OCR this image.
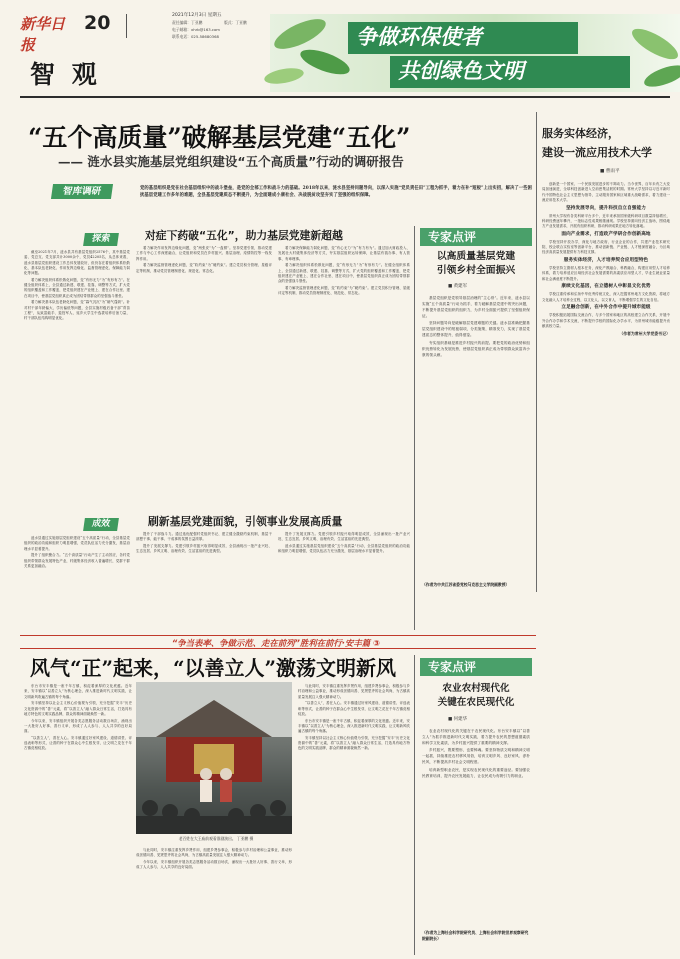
新华日报
20	2021年12月3日 星期五
责任编辑：丁亚鹏	版式：丁亚鹏
电子邮箱：xhrb@163.com
联系电话：025-58680368
智 观
争做环保使者
共创绿色文明
“五个高质量”破解基层党建“五化”
—— 涟水县实施基层党组织建设“五个高质量”行动的调研报告
智库调研	党的基层组织是党在社会基层组织中的战斗堡垒，是党的全部工作和战斗力的基础。2018年以来，涟水县坚持问题导向，以深入实施“党员责任田”工程为抓手，着力在补“短板”上出实招，解决了一些困扰基层党建工作多年的难题，全县基层党建质态不断提升，为全面建成小康社会、决战脱贫攻坚夯实了坚强的组织保障。
探索	对症下药破“五化”，助力基层党建新超越

截至2021年7月，涟水县共有基层党组织2576个，其中基层党委、党总支、党支部共计3000余个，党员42205名，从总体来看，涟水县基层党组织建设工作总体发展较好，但仍存在着组织体系松散化、基本队伍老龄化、作用发挥边缘化、监督管理虚化、保障能力弱化等问题。

着力解决组织体系松散化问题，变“有形无力”为“有形有力”。在健全组织体系上，全县通过新建、联建、挂靠、调整等方式，扩大党的组织覆盖和工作覆盖，把党组织建在产业链上、建在合作社里、建在项目中，使基层党组织真正成为团结带领群众的坚强战斗堡垒。

着力解决基本队伍老龄化问题，变“暮气沉沉”为“朝气蓬勃”。针对村干部年龄偏大、学历偏低等问题，全县实施村级后备干部“青苗工程”，从致富能手、退役军人、返乡大学生中选拔培养后备力量，村干部队伍结构明显优化。

着力解决作用发挥边缘化问题，变“两张皮”为“一盘棋”。坚持党建引领，推动党建工作与中心工作深度融合，让党组织和党员在乡村振兴、基层治理、疫情防控等一线发挥作用。

着力解决监督管理虚化问题，变“软约束”为“硬约束”。建立党员积分管理、星级评定等机制，推动党员管理制度化、规范化、常态化。

着力解决保障能力弱化问题，变“有心无力”为“有力有为”。通过加大财政投入、发展壮大村级集体经济等方式，夯实基层组织运转保障，让基层有钱办事、有人管事、有章理事。

着力解决组织体系松散化问题，变“有形无力”为“有形有力”。在健全组织体系上，全县通过新建、联建、挂靠、调整等方式，扩大党的组织覆盖和工作覆盖，把党组织建在产业链上、建在合作社里、建在项目中，使基层党组织真正成为团结带领群众的坚强战斗堡垒。

着力解决监督管理虚化问题，变“软约束”为“硬约束”。建立党员积分管理、星级评定等机制，推动党员管理制度化、规范化、常态化。

成效	刷新基层党建面貌，引领事业发展高质量

涟水县通过实施基层党组织建设“五个高质量”行动，全县基层党组织的政治功能和组织力明显增强，党员队伍活力充分激发，基层治理水平显著提升。

提升了组织聚合力。“五个高质量”行动产生了主动效应，各村党组织带领群众发展特色产业，村级集体经济收入普遍增长，党群干群关系更加融洽。

提升了干部战斗力。通过选优配强村党组织书记、建立健全激励约束机制，基层干部想干事、能干事、干成事的氛围日益浓厚。

提升了发展支撑力。党建引领乡村振兴取得明显成效，全县涌现出一批产业兴旺、生态宜居、乡风文明、治理有效、生活富裕的先进典型。

提升了发展支撑力。党建引领乡村振兴取得明显成效，全县涌现出一批产业兴旺、生态宜居、乡风文明、治理有效、生活富裕的先进典型。

涟水县通过实施基层党组织建设“五个高质量”行动，全县基层党组织的政治功能和组织力明显增强，党员队伍活力充分激发，基层治理水平显著提升。

专家点评
以高质量基层党建
引领乡村全面振兴
■ 黄建军

基层党组织是党领导基层治理的“主心骨”。近年来，涟水县以实施“五个高质量”行动为抓手，着力破解基层党建中的突出问题，不断提升基层党组织的组织力，为乡村全面振兴提供了坚强组织保证。

坚持问题导向是破解基层党建难题的关键。涟水县准确把握基层党组织建设中的短板弱项，分类施策，精准发力，实现了基层党建质态的整体提升，值得借鉴。

夯实组织基础是推进乡村振兴的前提。要把党的政治优势和组织优势转化为发展优势，使基层党组织真正成为带领群众致富奔小康的领头雁。

（作者为中共江苏省委党校马克思主义学院副教授）
服务实体经济，
建设一流应用技术大学
■ 曹雨平

创新是一个国家、一个民族发展进步的不竭动力。当今世界，百年未有之大变局加速演进，全球科技创新进入空前密集活跃的时期。常州大学坚持以习近平新时代中国特色社会主义思想为指导，主动服务国家和区域重大战略需求，着力建设一流应用技术大学。

坚持发展导向，提升科技自立自强能力

常州大学现有各类科研平台多个，近年来承担国家级科研项目数量持续增长，科研经费逐年攀升，一批标志性成果相继涌现。学校坚持面向经济主战场，围绕地方产业发展需求，开展有组织科研，推动科研成果在地方转化落地。

面向产业需求，打造政产学研合作创新高地

学校坚持开放办学，深化与地方政府、行业企业的合作，共建产业技术研究院、校企联合实验室等创新平台，推动创新链、产业链、人才链深度融合，为区域经济高质量发展提供有力科技支撑。

服务实体经济，人才培养契合应用型特色

学校坚持立德树人根本任务，深化产教融合、科教融合，构建应用型人才培养体系，着力培养适应区域经济社会发展需要的高素质应用型人才，毕业生就业质量和社会满意度不断提升。

康续文化基因，在立德树人中彰显文化优势

学校注重传承和弘扬中华优秀传统文化，深入挖掘常州地方文化资源，将地方文化融入人才培养全过程，以文化人、以文育人，不断增强学生的文化自信。

立足融合创新，在中外合作中提升城市能级

学校积极拓展国际交流合作，与多个国家和地区的高校建立合作关系，开展中外合作办学和学术交流，不断提升学校的国际化办学水平，为常州城市能级提升贡献高校力量。

（作者为常州大学党委书记）
“争当表率、争做示范、走在前列”胜利在前行·安丰篇 ③
风气“正”起来，“以善立人”激荡文明新风

东台市安丰镇是一座千年古镇，积淀着深厚的文化底蕴。近年来，安丰镇以“以善立人”为核心理念，深入推进新时代文明实践，让文明新风吹遍古镇的每个角落。

安丰镇坚持以社会主义核心价值观为引领，充分挖掘“安丰”历史文化资源中的“善”元素，将“以善立人”融入群众日常生活，打造具有地方特色的文明实践品牌，群众的精神面貌焕然一新。

今年以来，安丰镇组织开展各类志愿服务活动数百场次，涌现出一大批好人好事、善行义举，形成了人人参与、人人共享的良好局面。

“以善立人”，善在人心。安丰镇通过好家风建设、道德讲堂、评选表彰等形式，让善的种子在群众心中生根发芽，让文明之花在千年古镇竞相绽放。

老百姓在大王庙前观看淮剧演出。 丁亚鹏 摄

与此同时，安丰镇注重发挥乡贤作用，组建乡贤参事会，积极参与乡村治理和公益事业，推动形成崇德向善、见贤思齐的社会风尚，为古镇高质量发展注入强大精神动力。

今年以来，安丰镇组织开展各类志愿服务活动数百场次，涌现出一大批好人好事、善行义举，形成了人人参与、人人共享的良好局面。

与此同时，安丰镇注重发挥乡贤作用，组建乡贤参事会，积极参与乡村治理和公益事业，推动形成崇德向善、见贤思齐的社会风尚，为古镇高质量发展注入强大精神动力。

“以善立人”，善在人心。安丰镇通过好家风建设、道德讲堂、评选表彰等形式，让善的种子在群众心中生根发芽，让文明之花在千年古镇竞相绽放。

东台市安丰镇是一座千年古镇，积淀着深厚的文化底蕴。近年来，安丰镇以“以善立人”为核心理念，深入推进新时代文明实践，让文明新风吹遍古镇的每个角落。

安丰镇坚持以社会主义核心价值观为引领，充分挖掘“安丰”历史文化资源中的“善”元素，将“以善立人”融入群众日常生活，打造具有地方特色的文明实践品牌，群众的精神面貌焕然一新。

专家点评
农业农村现代化
关键在农民现代化
■ 何建华

农业农村现代化的关键在于农民现代化。东台安丰镇以“以善立人”为抓手推进新时代文明实践，着力提升农民的思想道德素质和科学文化素质，为乡村振兴提供了重要的精神支撑。

乡村振兴，既要塑形，也要铸魂。要坚持物质文明和精神文明一起抓，持续推进农村移风易俗，培育文明乡风、良好家风、淳朴民风，不断提高乡村社会文明程度。

培育新型职业农民，是实现农民现代化的重要途径。要加强农民教育培训，提升农民发展能力，让农民成为有吸引力的职业。

（作者为上海社会科学院研究员、上海社会科学院世界观察研究院副院长）
